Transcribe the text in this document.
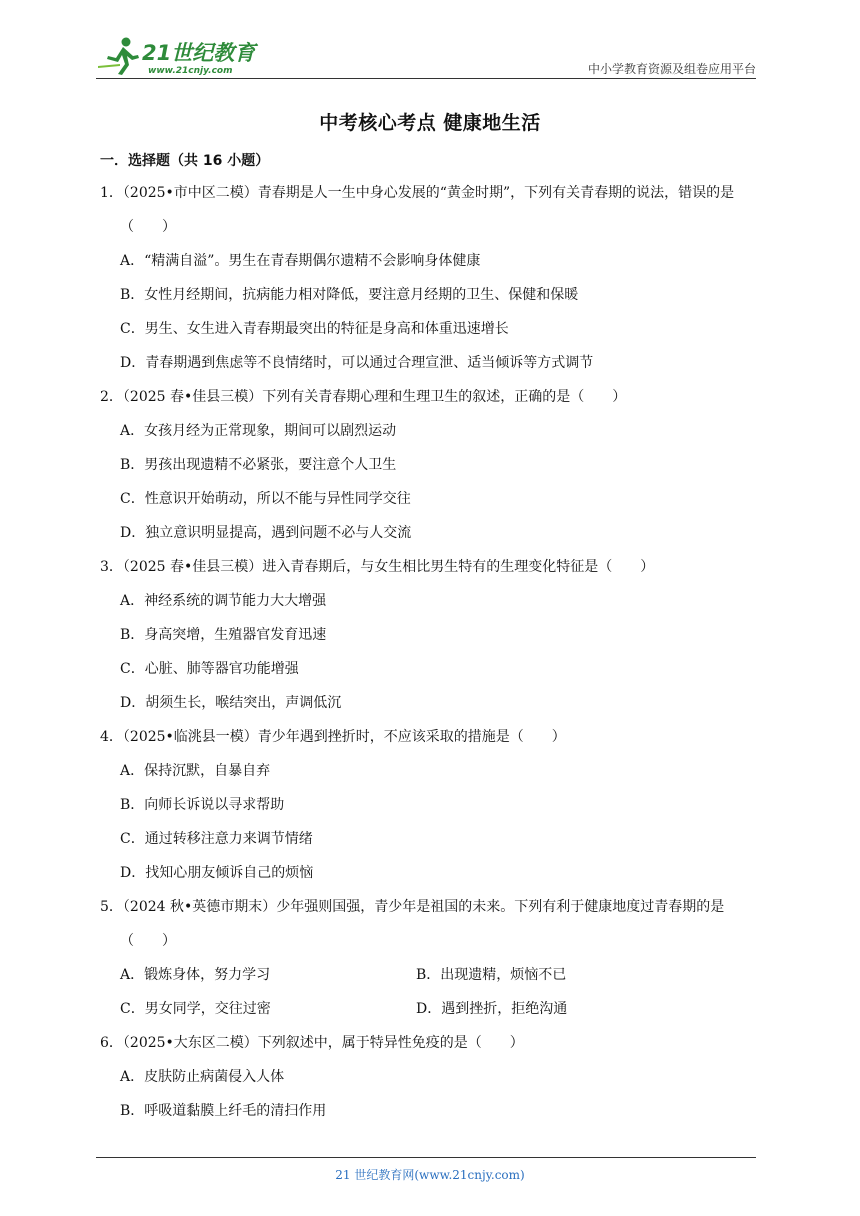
21世纪教育
www.21cnjy.com	中小学教育资源及组卷应用平台
中考核心考点 健康地生活
一．选择题（共 16 小题）
1．（2025•市中区二模）青春期是人一生中身心发展的“黄金时期”，下列有关青春期的说法，错误的是（　　）
A．“精满自溢”。男生在青春期偶尔遗精不会影响身体健康
B．女性月经期间，抗病能力相对降低，要注意月经期的卫生、保健和保暖
C．男生、女生进入青春期最突出的特征是身高和体重迅速增长
D．青春期遇到焦虑等不良情绪时，可以通过合理宣泄、适当倾诉等方式调节
2．（2025 春•佳县三模）下列有关青春期心理和生理卫生的叙述，正确的是（　　）
A．女孩月经为正常现象，期间可以剧烈运动
B．男孩出现遗精不必紧张，要注意个人卫生
C．性意识开始萌动，所以不能与异性同学交往
D．独立意识明显提高，遇到问题不必与人交流
3．（2025 春•佳县三模）进入青春期后，与女生相比男生特有的生理变化特征是（　　）
A．神经系统的调节能力大大增强
B．身高突增，生殖器官发育迅速
C．心脏、肺等器官功能增强
D．胡须生长，喉结突出，声调低沉
4．（2025•临洮县一模）青少年遇到挫折时，不应该采取的措施是（　　）
A．保持沉默，自暴自弃
B．向师长诉说以寻求帮助
C．通过转移注意力来调节情绪
D．找知心朋友倾诉自己的烦恼
5．（2024 秋•英德市期末）少年强则国强，青少年是祖国的未来。下列有利于健康地度过青春期的是（　　）
A．锻炼身体，努力学习	B．出现遗精，烦恼不已
C．男女同学，交往过密	D．遇到挫折，拒绝沟通
6．（2025•大东区二模）下列叙述中，属于特异性免疫的是（　　）
A．皮肤防止病菌侵入人体
B．呼吸道黏膜上纤毛的清扫作用
21 世纪教育网(www.21cnjy.com)
